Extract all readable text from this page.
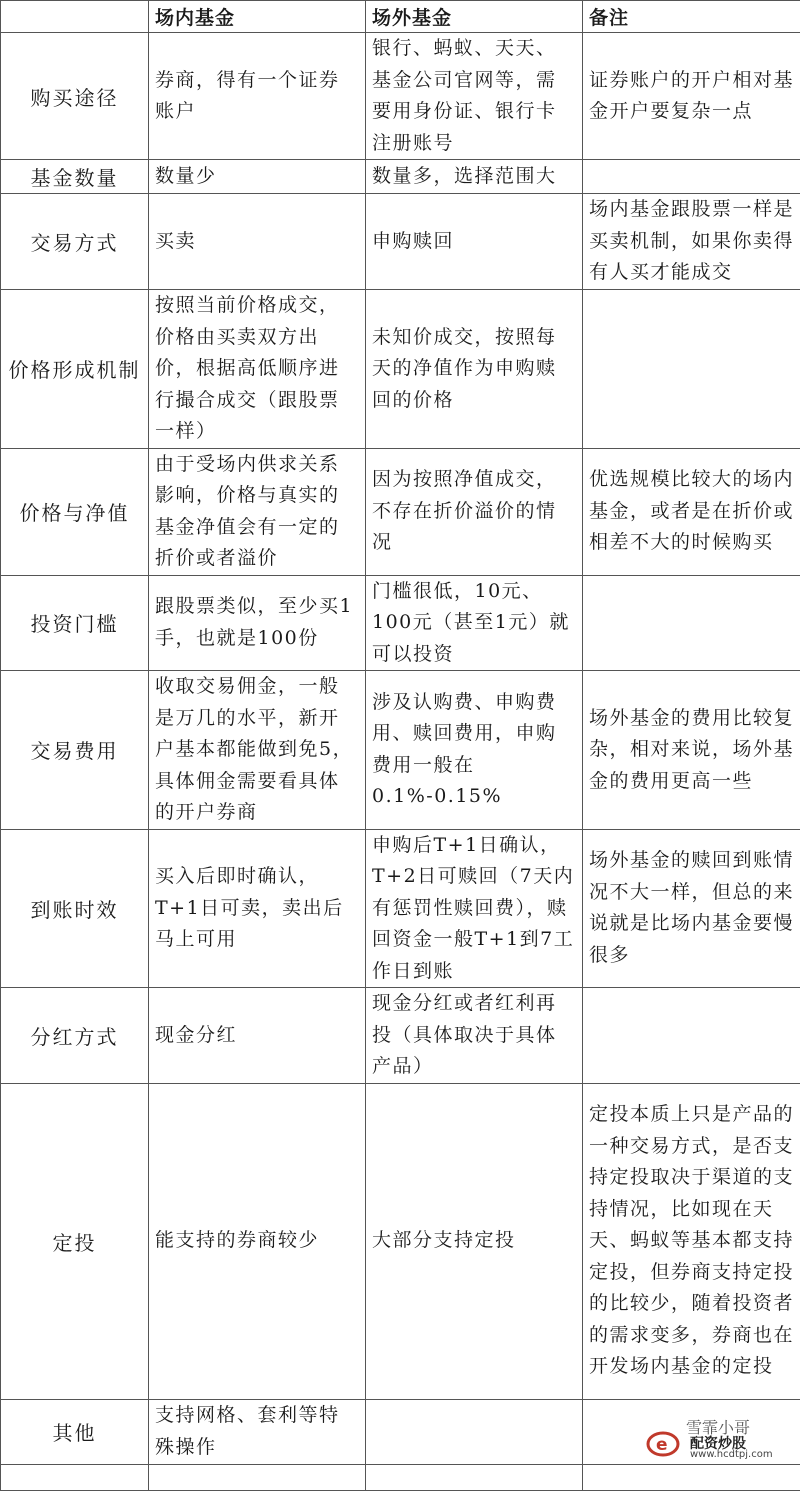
	场内基金	场外基金	备注
购买途径	券商，得有一个证券账户	银行、蚂蚁、天天、基金公司官网等，需要用身份证、银行卡注册账号	证券账户的开户相对基金开户要复杂一点
基金数量	数量少	数量多，选择范围大	
交易方式	买卖	申购赎回	场内基金跟股票一样是买卖机制，如果你卖得有人买才能成交
价格形成机制	按照当前价格成交，价格由买卖双方出价，根据高低顺序进行撮合成交（跟股票一样）	未知价成交，按照每天的净值作为申购赎回的价格	
价格与净值	由于受场内供求关系影响，价格与真实的基金净值会有一定的折价或者溢价	因为按照净值成交，不存在折价溢价的情况	优选规模比较大的场内基金，或者是在折价或相差不大的时候购买
投资门槛	跟股票类似，至少买1手，也就是100份	门槛很低，10元、100元（甚至1元）就可以投资	
交易费用	收取交易佣金，一般是万几的水平，新开户基本都能做到免5，具体佣金需要看具体的开户券商	涉及认购费、申购费用、赎回费用，申购费用一般在0.1%-0.15%	场外基金的费用比较复杂，相对来说，场外基金的费用更高一些
到账时效	买入后即时确认，T+1日可卖，卖出后马上可用	申购后T+1日确认，T+2日可赎回（7天内有惩罚性赎回费），赎回资金一般T+1到7工作日到账	场外基金的赎回到账情况不大一样，但总的来说就是比场内基金要慢很多
分红方式	现金分红	现金分红或者红利再投（具体取决于具体产品）	
定投	能支持的券商较少	大部分支持定投	定投本质上只是产品的一种交易方式，是否支持定投取决于渠道的支持情况，比如现在天天、蚂蚁等基本都支持定投，但券商支持定投的比较少，随着投资者的需求变多，券商也在开发场内基金的定投
其他	支持网格、套利等特殊操作		

雪霏小哥
e 配资炒股
www.hcdtpj.com
